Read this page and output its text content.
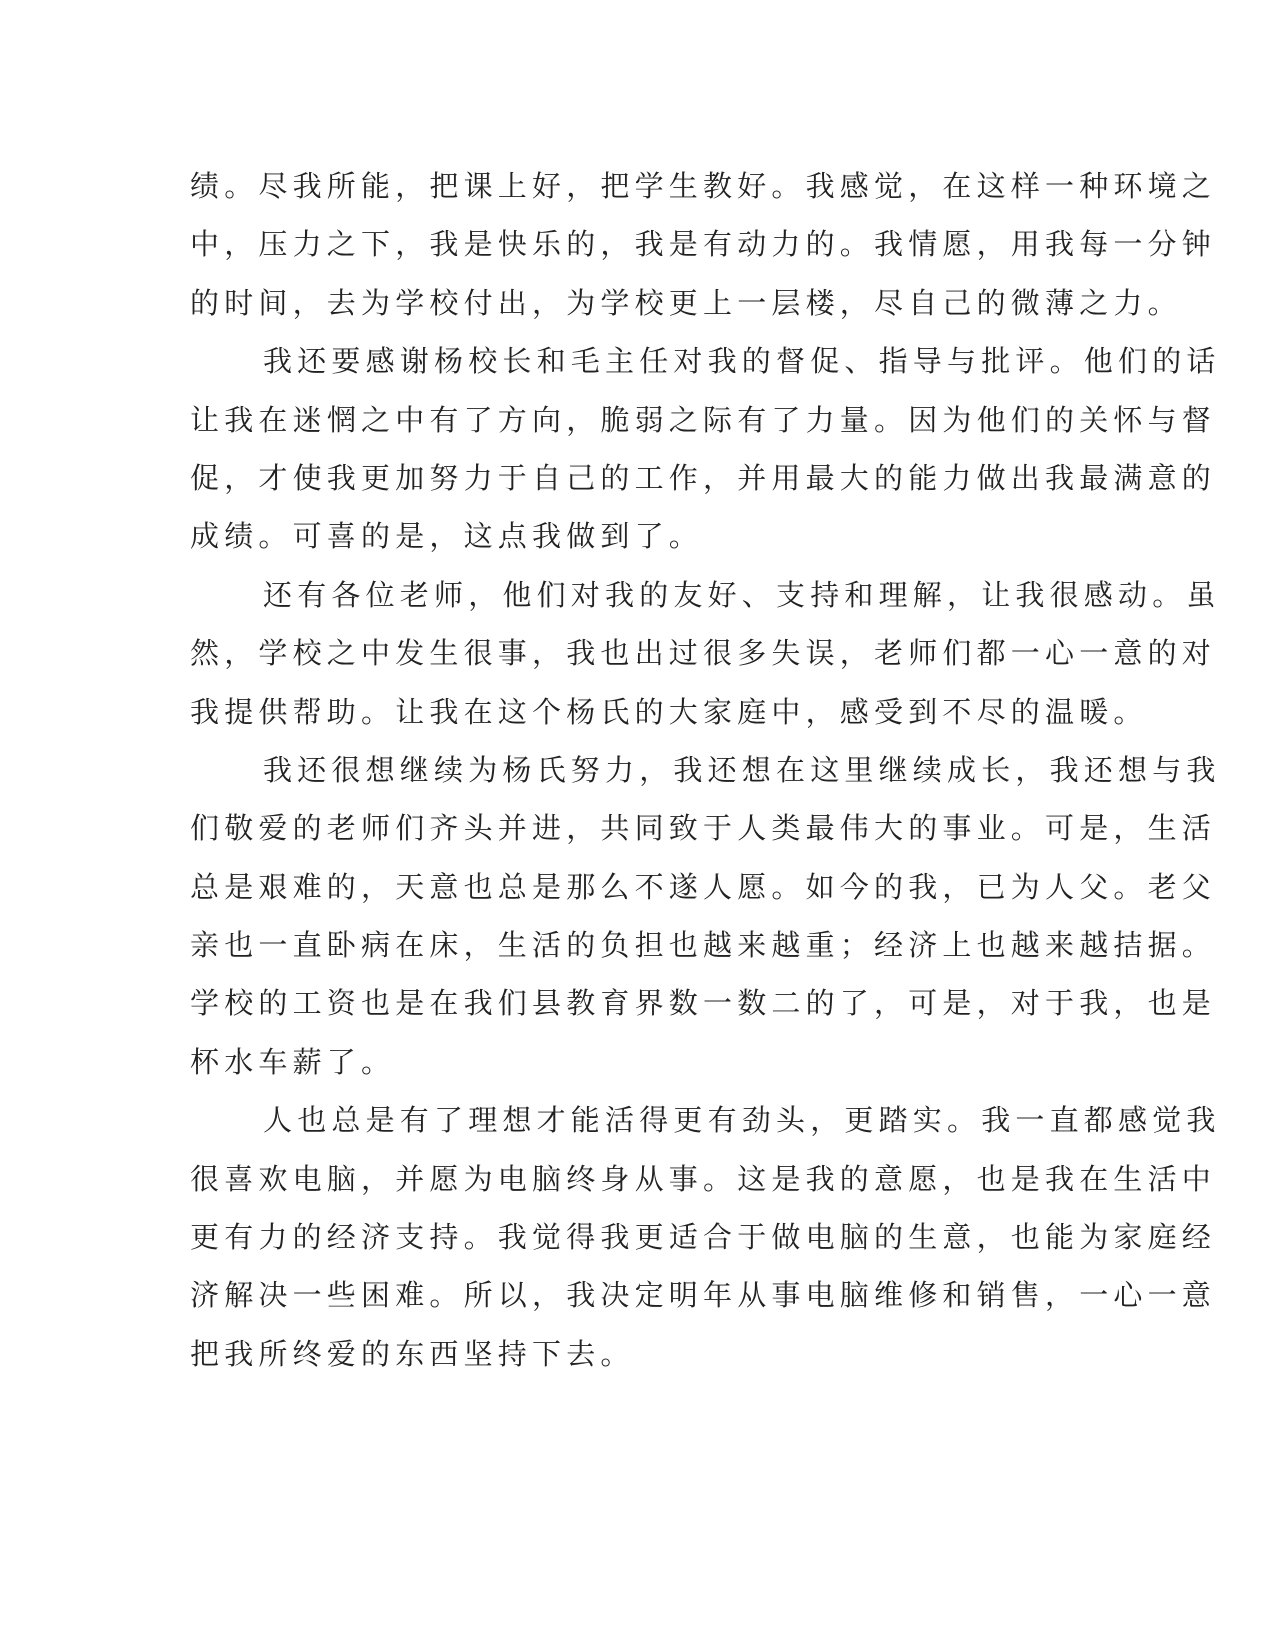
绩。尽我所能，把课上好，把学生教好。我感觉，在这样一种环境之
中，压力之下，我是快乐的，我是有动力的。我情愿，用我每一分钟
的时间，去为学校付出，为学校更上一层楼，尽自己的微薄之力。
我还要感谢杨校长和毛主任对我的督促、指导与批评。他们的话
让我在迷惘之中有了方向，脆弱之际有了力量。因为他们的关怀与督
促，才使我更加努力于自己的工作，并用最大的能力做出我最满意的
成绩。可喜的是，这点我做到了。
还有各位老师，他们对我的友好、支持和理解，让我很感动。虽
然，学校之中发生很事，我也出过很多失误，老师们都一心一意的对
我提供帮助。让我在这个杨氏的大家庭中，感受到不尽的温暖。
我还很想继续为杨氏努力，我还想在这里继续成长，我还想与我
们敬爱的老师们齐头并进，共同致于人类最伟大的事业。可是，生活
总是艰难的，天意也总是那么不遂人愿。如今的我，已为人父。老父
亲也一直卧病在床，生活的负担也越来越重；经济上也越来越拮据。
学校的工资也是在我们县教育界数一数二的了，可是，对于我，也是
杯水车薪了。
人也总是有了理想才能活得更有劲头，更踏实。我一直都感觉我
很喜欢电脑，并愿为电脑终身从事。这是我的意愿，也是我在生活中
更有力的经济支持。我觉得我更适合于做电脑的生意，也能为家庭经
济解决一些困难。所以，我决定明年从事电脑维修和销售，一心一意
把我所终爱的东西坚持下去。
